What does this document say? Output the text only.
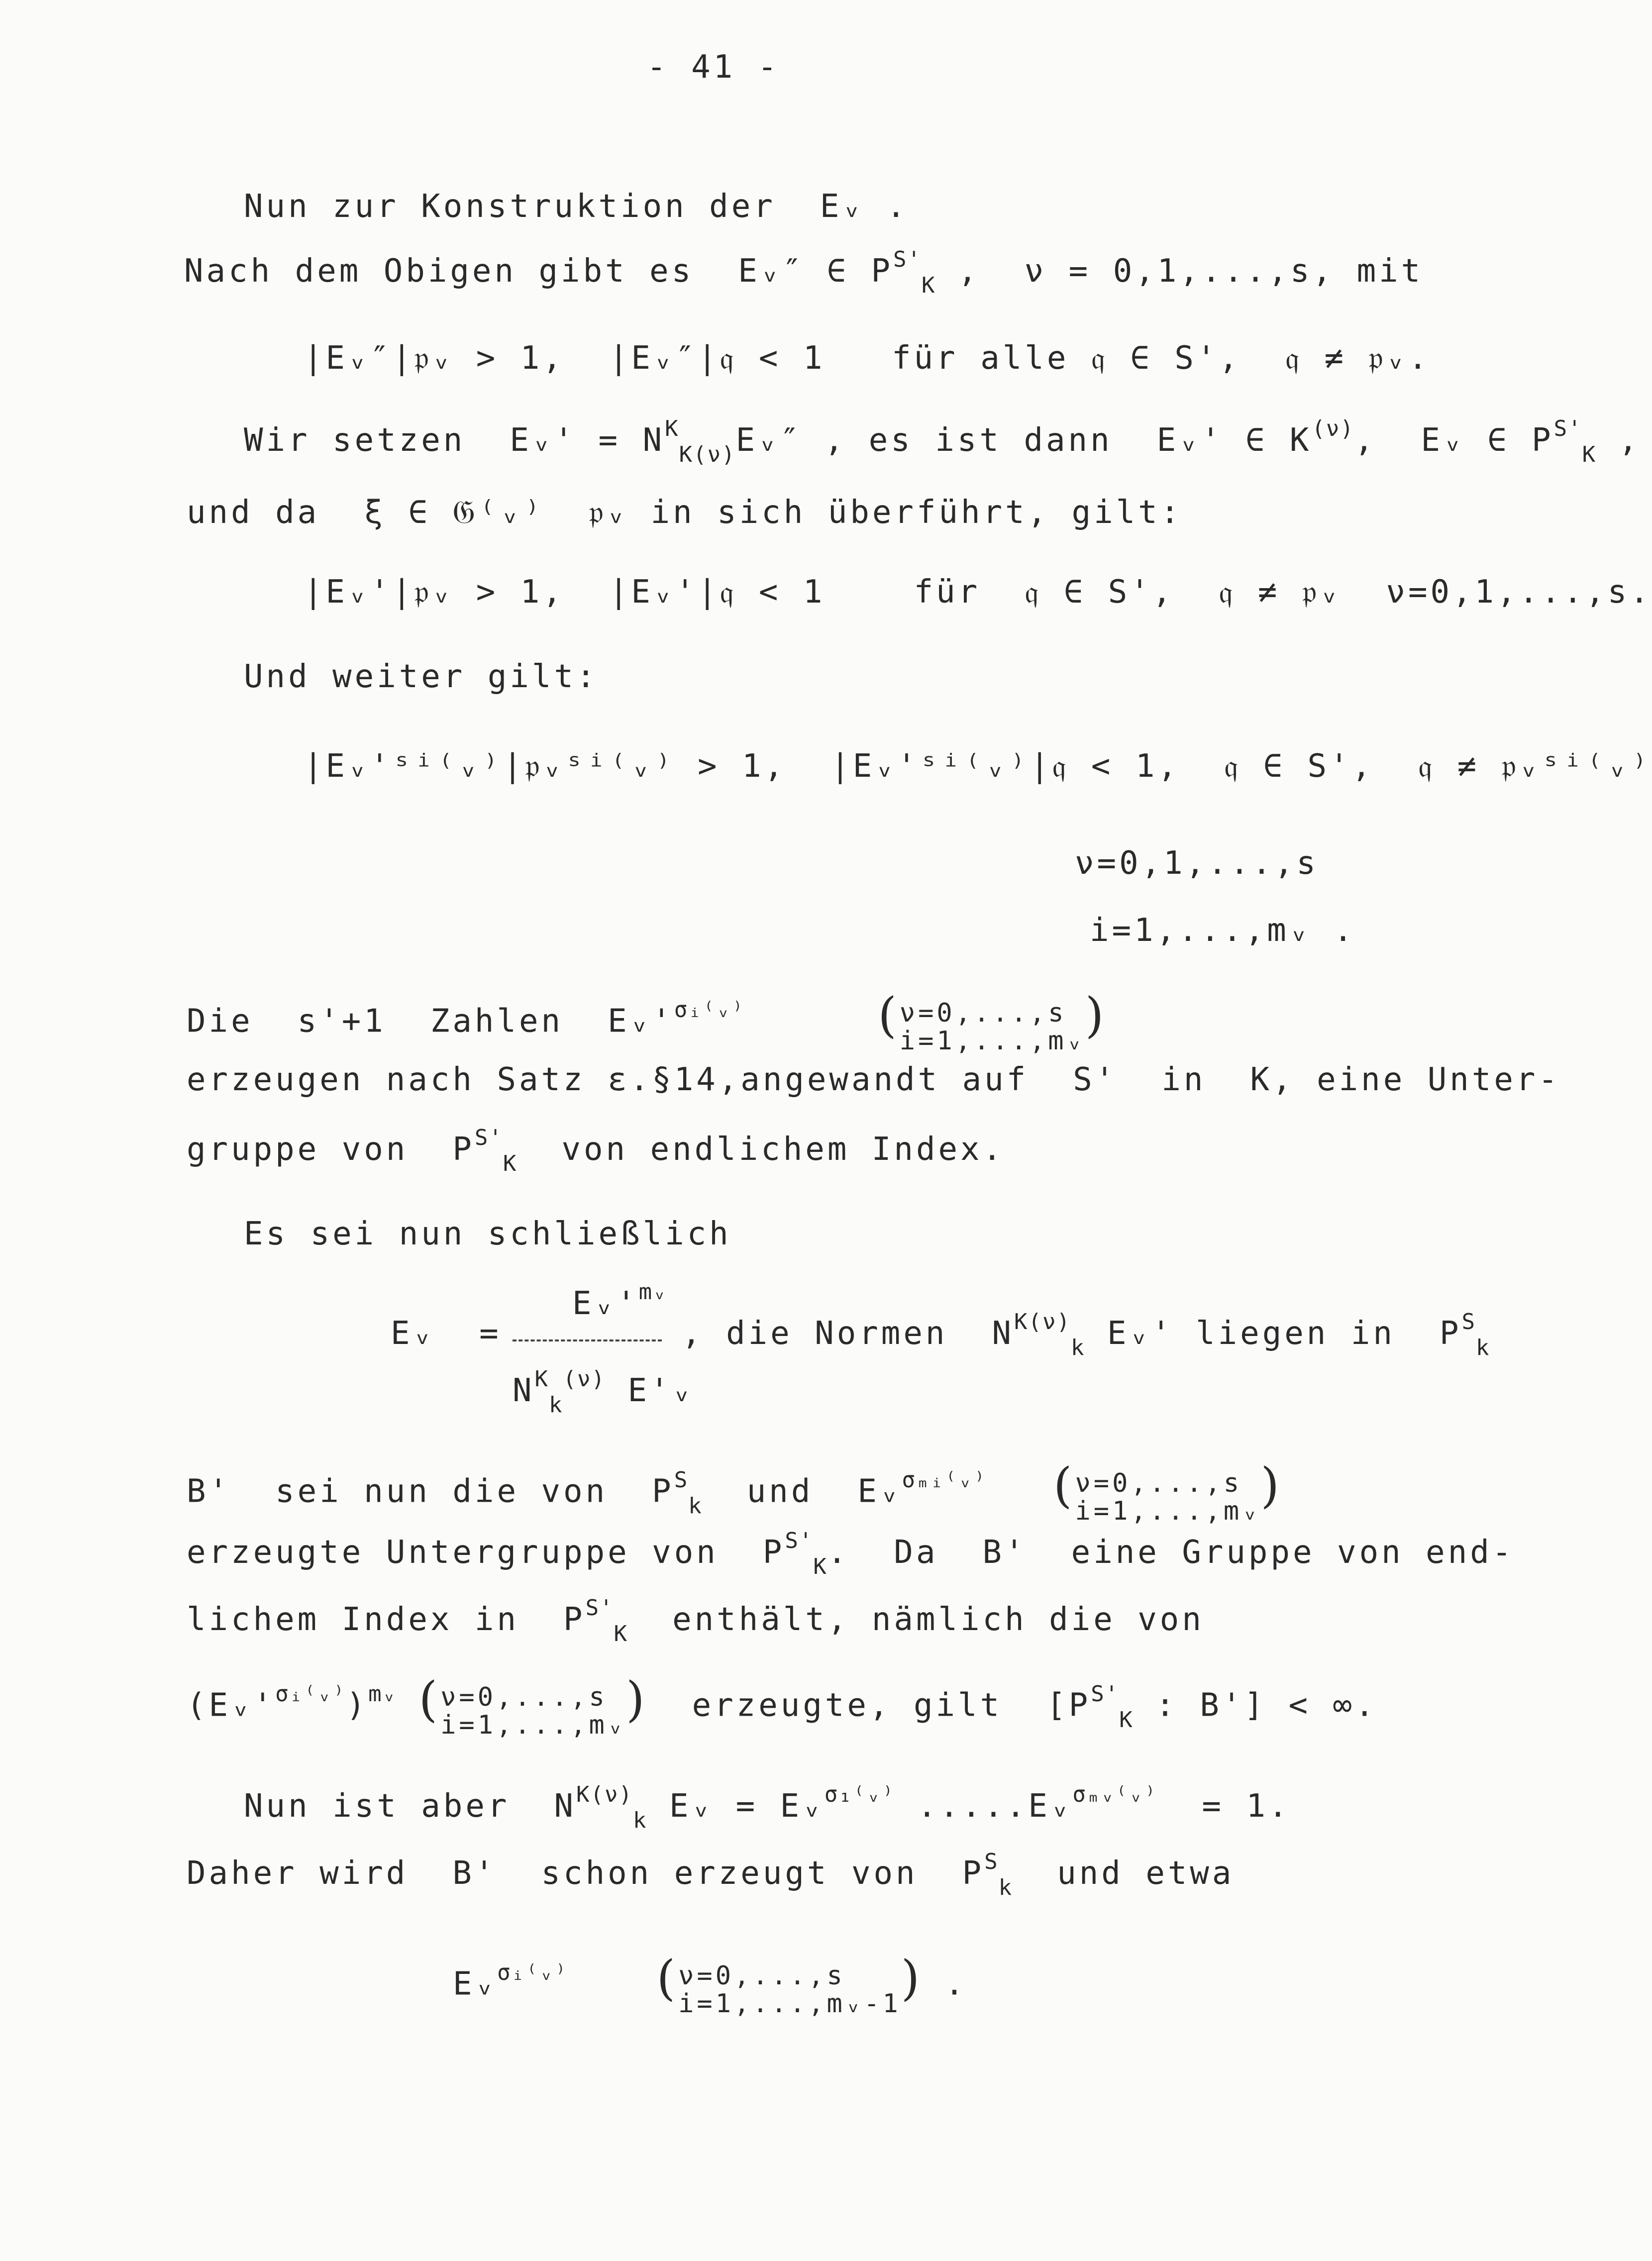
- 41 -
Nun zur Konstruktion der  Eᵥ .
Nach dem Obigen gibt es  Eᵥ″ ∈ $P^{S'}_K$ ,  ν = 0,1,...,s, mit
|Eᵥ″|𝔭ᵥ > 1,  |Eᵥ″|𝔮 < 1   für alle 𝔮 ∈ S',  𝔮 ≠ 𝔭ᵥ.
Wir setzen  Eᵥ' = $N^K_{K(\nu)}Eᵥ''$ , es ist dann  Eᵥ' ∈ $K^{(\nu)}$,  Eᵥ ∈ $P^{S'}_K$ ,
und da  ξ ∈ 𝔊⁽ᵥ⁾  𝔭ᵥ in sich überführt, gilt:
|Eᵥ'|𝔭ᵥ > 1,  |Eᵥ'|𝔮 < 1    für  𝔮 ∈ S',  𝔮 ≠ 𝔭ᵥ  ν=0,1,...,s.
Und weiter gilt:
|Eᵥ'ˢⁱ⁽ᵥ⁾|𝔭ᵥˢⁱ⁽ᵥ⁾ > 1,  |Eᵥ'ˢⁱ⁽ᵥ⁾|𝔮 < 1,  𝔮 ∈ S',  𝔮 ≠ 𝔭ᵥˢⁱ⁽ᵥ⁾
ν=0,1,...,s
i=1,...,mᵥ .
Die  s'+1  Zahlen  $Eᵥ'^{\sigma ᵢ^(ᵥ^)}$	( ν=0,...,s
i=1,...,mᵥ )
erzeugen nach Satz ε.§14,angewandt auf  S'  in  K, eine Unter-
gruppe von  $P^{S'}_K$  von endlichem Index.
Es sei nun schließlich
$Eᵥ'^{mᵥ}$
Eᵥ  =
$N^K_k^{(\nu)}$ E'ᵥ
, die Normen  $N^{K(\nu)}_k$ Eᵥ' liegen in  $P^S_k$
B'  sei nun die von  $P^S_k$  und  Eᵥ$^{\sigma_mᵢ^(ᵥ^)}$ ( ν=0,...,s
i=1,...,mᵥ )
erzeugte Untergruppe von  $P^{S'}_K$.  Da  B'  eine Gruppe von end-
lichem Index in  $P^{S'}_K$  enthält, nämlich die von
$(Eᵥ'^{\sigma ᵢ^(ᵥ^)})^{mᵥ}$ ( ν=0,...,s
i=1,...,mᵥ )  erzeugte, gilt  [$P^{S'}_K$ : B'] < ∞.
Nun ist aber  $N^{K(\nu)}_k$ Eᵥ = Eᵥ$^{\sigma_1^(ᵥ^)}$ .....Eᵥ$^{\sigma_mᵥ^(ᵥ^)}$  = 1.
Daher wird  B'  schon erzeugt von  $P^S_k$  und etwa
Eᵥ$^{\sigma ᵢ^(ᵥ^)}$ ( ν=0,...,s
i=1,...,mᵥ-1 ) .
